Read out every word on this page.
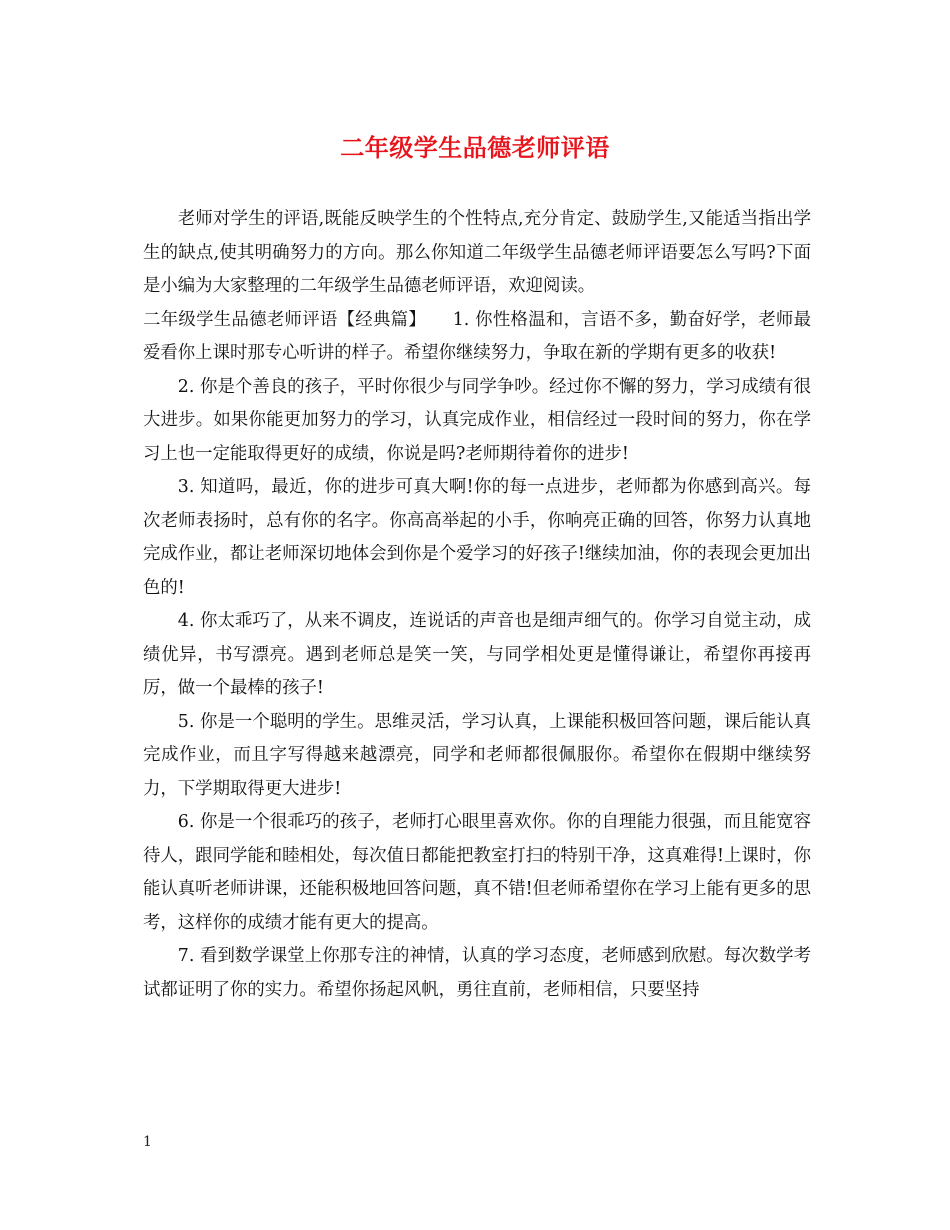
二年级学生品德老师评语

老师对学生的评语,既能反映学生的个性特点,充分肯定、鼓励学生,又能适当指出学生的缺点,使其明确努力的方向。那么你知道二年级学生品德老师评语要怎么写吗?下面是小编为大家整理的二年级学生品德老师评语，欢迎阅读。

二年级学生品德老师评语【经典篇】　　1. 你性格温和，言语不多，勤奋好学，老师最爱看你上课时那专心听讲的样子。希望你继续努力，争取在新的学期有更多的收获!

2. 你是个善良的孩子，平时你很少与同学争吵。经过你不懈的努力，学习成绩有很大进步。如果你能更加努力的学习，认真完成作业，相信经过一段时间的努力，你在学习上也一定能取得更好的成绩，你说是吗?老师期待着你的进步!

3. 知道吗，最近，你的进步可真大啊!你的每一点进步，老师都为你感到高兴。每次老师表扬时，总有你的名字。你高高举起的小手，你响亮正确的回答，你努力认真地完成作业，都让老师深切地体会到你是个爱学习的好孩子!继续加油，你的表现会更加出色的!

4. 你太乖巧了，从来不调皮，连说话的声音也是细声细气的。你学习自觉主动，成绩优异，书写漂亮。遇到老师总是笑一笑，与同学相处更是懂得谦让，希望你再接再厉，做一个最棒的孩子!

5. 你是一个聪明的学生。思维灵活，学习认真，上课能积极回答问题，课后能认真完成作业，而且字写得越来越漂亮，同学和老师都很佩服你。希望你在假期中继续努力，下学期取得更大进步!

6. 你是一个很乖巧的孩子，老师打心眼里喜欢你。你的自理能力很强，而且能宽容待人，跟同学能和睦相处，每次值日都能把教室打扫的特别干净，这真难得!上课时，你能认真听老师讲课，还能积极地回答问题，真不错!但老师希望你在学习上能有更多的思考，这样你的成绩才能有更大的提高。

7. 看到数学课堂上你那专注的神情，认真的学习态度，老师感到欣慰。每次数学考试都证明了你的实力。希望你扬起风帆，勇往直前，老师相信，只要坚持

1
